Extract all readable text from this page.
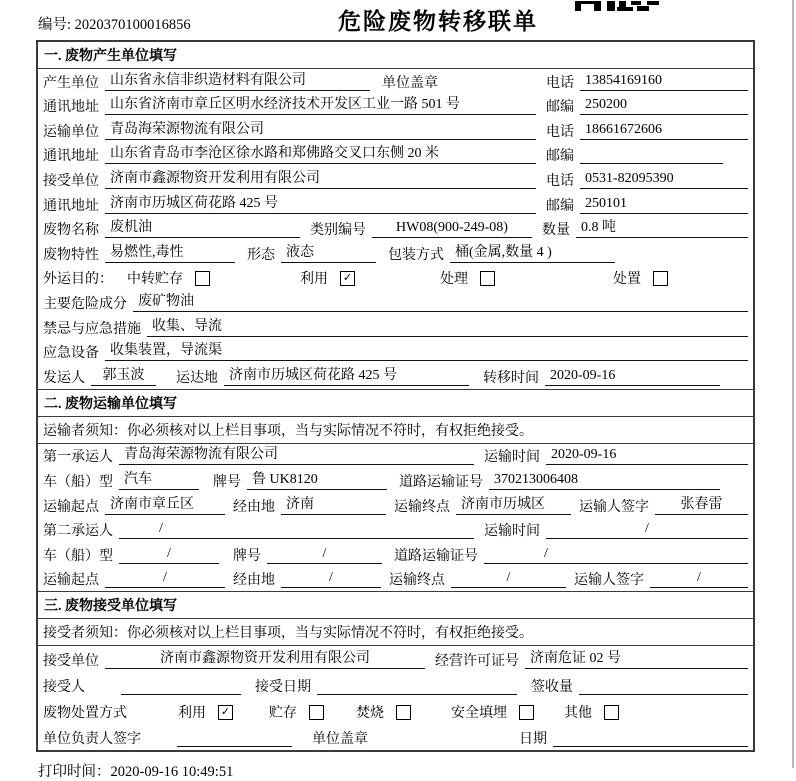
编号: 2020370100016856	危险废物转移联单
一. 废物产生单位填写
产生单位 山东省永信非织造材料有限公司	单位盖章	电话 13854169160
通讯地址 山东省济南市章丘区明水经济技术开发区工业一路 501 号	邮编 250200
运输单位 青岛海荣源物流有限公司	电话 18661672606
通讯地址 山东省青岛市李沧区徐水路和郑佛路交叉口东侧 20 米	邮编
接受单位 济南市鑫源物资开发利用有限公司	电话 0531-82095390
通讯地址 济南市历城区荷花路 425 号	邮编 250101
废物名称 废机油	类别编号	HW08(900-249-08)	数量 0.8 吨
废物特性 易燃性,毒性	形态 液态	包装方式 桶(金属,数量 4 )
外运目的： 中转贮存	利用 ✓	处理	处置
主要危险成分 废矿物油
禁忌与应急措施 收集、导流
应急设备 收集装置，导流渠
发运人	郭玉波	运达地 济南市历城区荷花路 425 号	转移时间 2020-09-16
二. 废物运输单位填写
运输者须知：你必须核对以上栏目事项，当与实际情况不符时，有权拒绝接受。
第一承运人 青岛海荣源物流有限公司	运输时间 2020-09-16
车（船）型 汽车	牌号 鲁 UK8120	道路运输证号 370213006408
运输起点 济南市章丘区	经由地 济南	运输终点 济南市历城区	运输人签字	张春雷
第二承运人	/	运输时间	/
车（船）型	/	牌号	/	道路运输证号	/
运输起点	/	经由地	/	运输终点	/	运输人签字	/
三. 废物接受单位填写
接受者须知：你必须核对以上栏目事项，当与实际情况不符时，有权拒绝接受。
接受单位	济南市鑫源物资开发利用有限公司	经营许可证号 济南危证 02 号
接受人	接受日期	签收量
废物处置方式	利用 ✓	贮存	焚烧	安全填埋	其他
单位负责人签字	单位盖章	日期
打印时间：2020-09-16 10:49:51
